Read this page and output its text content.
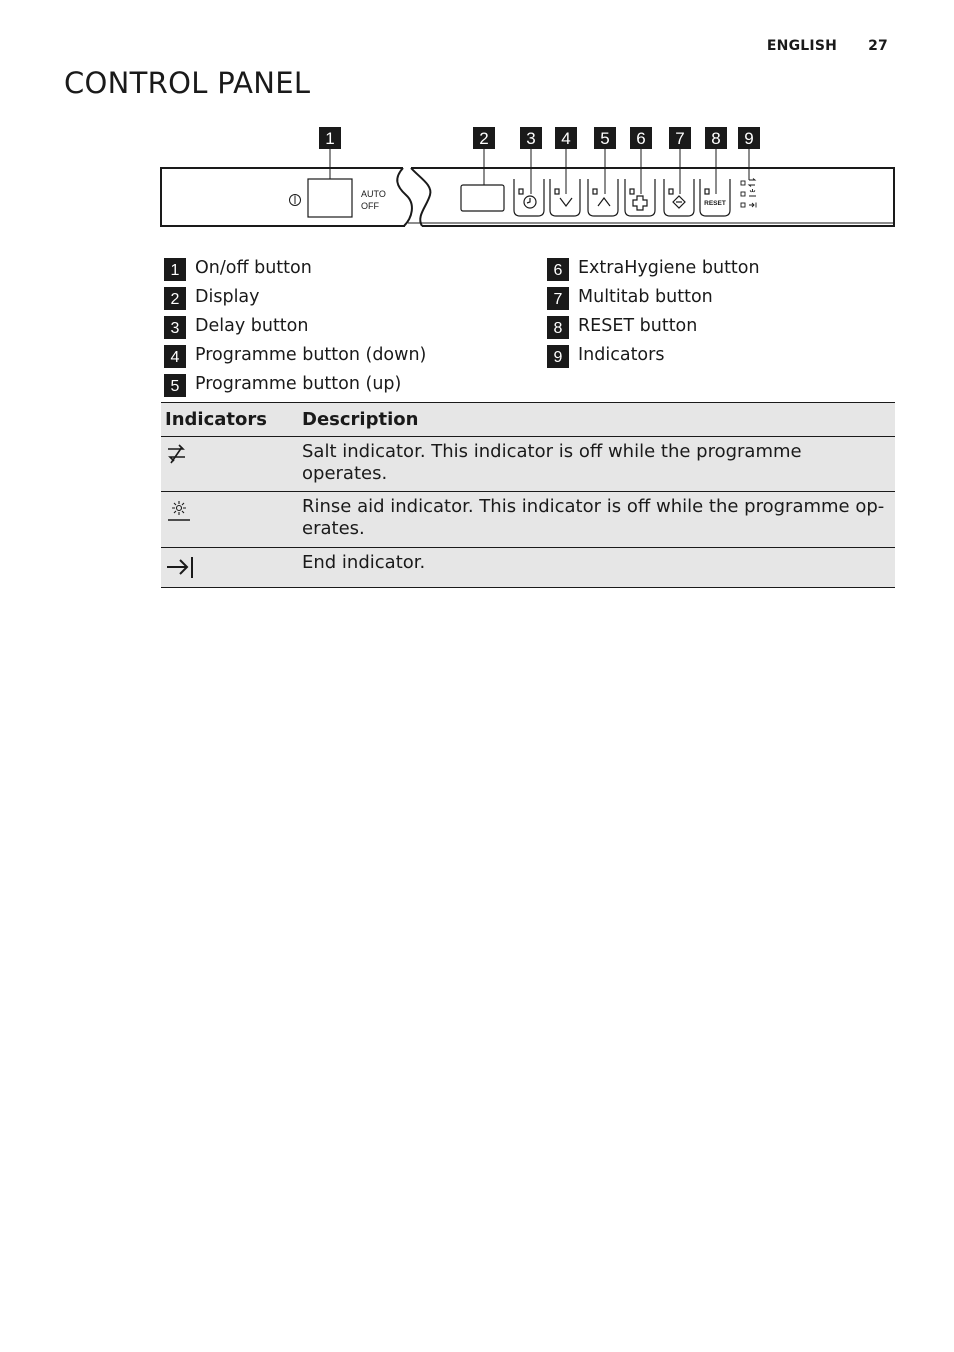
ENGLISH 27
CONTROL PANEL
1	2 3 4 5 6 7 8 9
AUTO
OFF	RESET
1 On/off button
2 Display
3 Delay button
4 Programme button (down)
5 Programme button (up)
6 ExtraHygiene button
7 Multitab button
8 RESET button
9 Indicators
Indicators	Description

	Salt indicator. This indicator is off while the programme operates.

	Rinse aid indicator. This indicator is off while the programme op-erates.

	End indicator.
